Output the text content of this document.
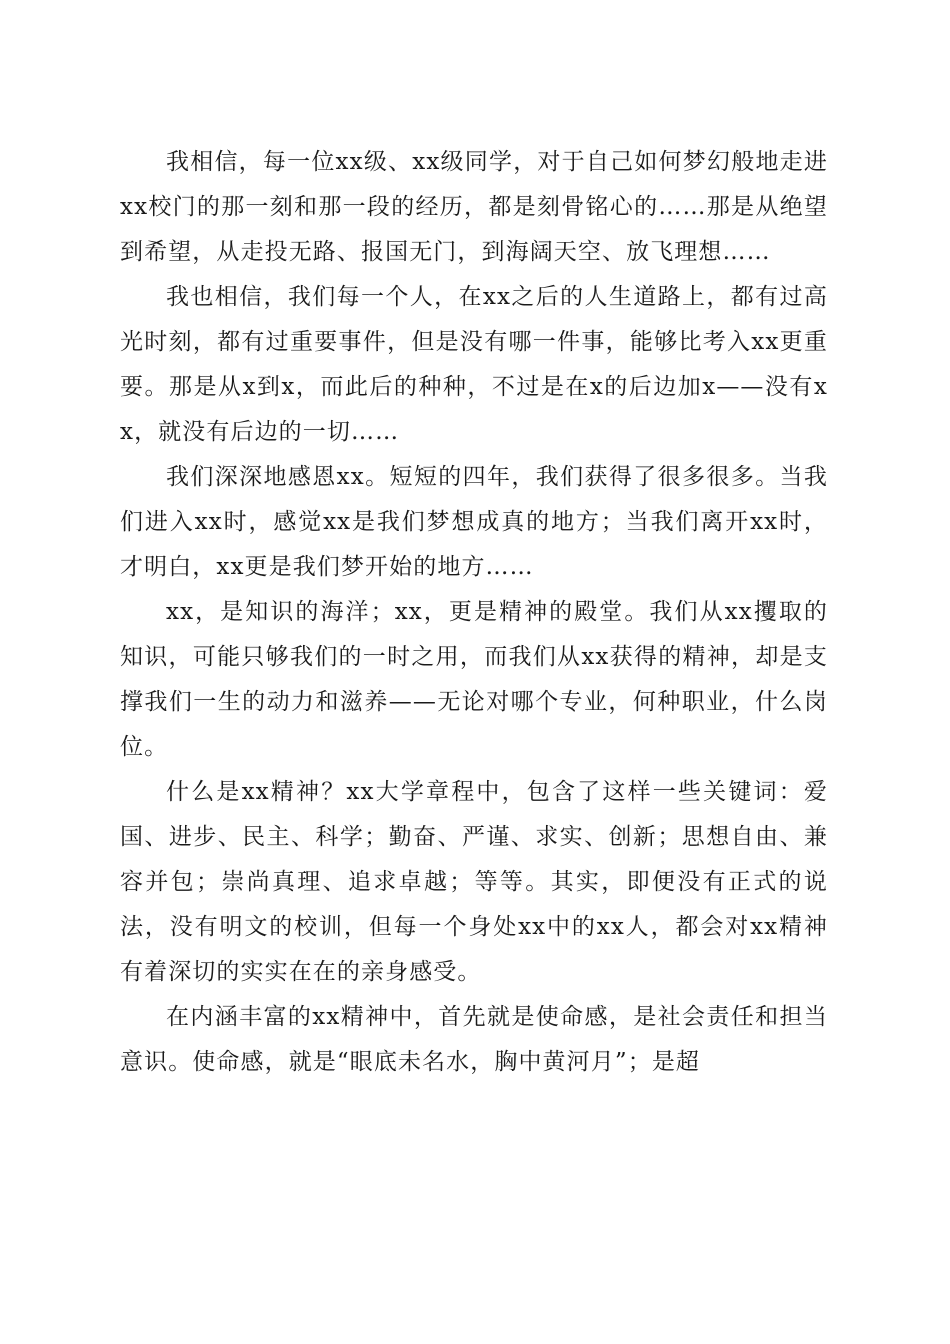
我相信，每一位xx级、xx级同学，对于自己如何梦幻般地走进xx校门的那一刻和那一段的经历，都是刻骨铭心的……那是从绝望到希望，从走投无路、报国无门，到海阔天空、放飞理想……

我也相信，我们每一个人，在xx之后的人生道路上，都有过高光时刻，都有过重要事件，但是没有哪一件事，能够比考入xx更重要。那是从x到x，而此后的种种，不过是在x的后边加x——没有xx，就没有后边的一切……

我们深深地感恩xx。短短的四年，我们获得了很多很多。当我们进入xx时，感觉xx是我们梦想成真的地方；当我们离开xx时，才明白，xx更是我们梦开始的地方……

xx，是知识的海洋；xx，更是精神的殿堂。我们从xx攫取的知识，可能只够我们的一时之用，而我们从xx获得的精神，却是支撑我们一生的动力和滋养——无论对哪个专业，何种职业，什么岗位。

什么是xx精神？xx大学章程中，包含了这样一些关键词：爱国、进步、民主、科学；勤奋、严谨、求实、创新；思想自由、兼容并包；崇尚真理、追求卓越；等等。其实，即便没有正式的说法，没有明文的校训，但每一个身处xx中的xx人，都会对xx精神有着深切的实实在在的亲身感受。

在内涵丰富的xx精神中，首先就是使命感，是社会责任和担当意识。使命感，就是“眼底未名水，胸中黄河月”；是超
